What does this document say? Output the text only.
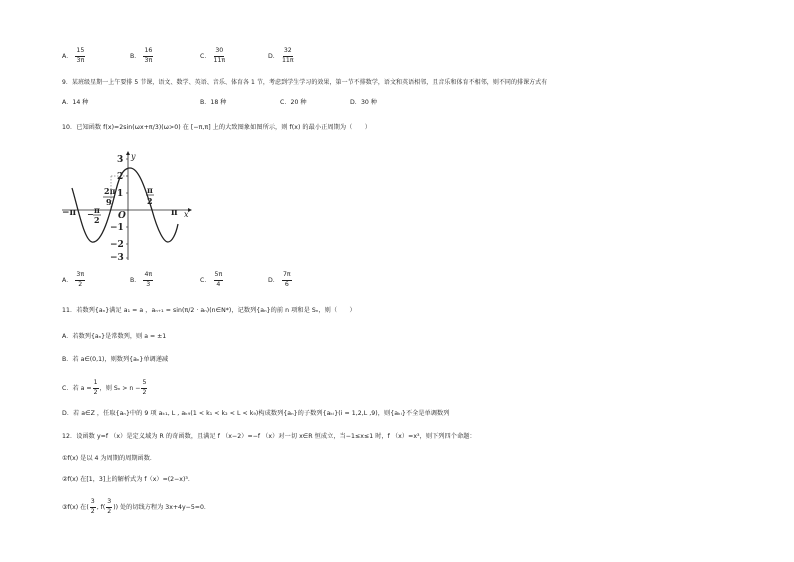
A． $\frac{15}{3\pi}$	B． $\frac{16}{3\pi}$	C． $\frac{30}{11\pi}$	D． $\frac{32}{11\pi}$
9．某班级星期一上午要排 5 节课，语文、数学、英语、音乐、体育各 1 节，考虑到学生学习的效果，第一节不排数学，语文和英语相邻，且音乐和体育不相邻，则不同的排课方式有
A．14 种	B．18 种	C．20 种	D．30 种
10．已知函数 f(x)=2sin(ωx+π/3)(ω>0) 在 [−π,π] 上的大致图象如图所示，则 f(x) 的最小正周期为（　　）
3
2
1
−1
−2
−3
y
x
O
−π	π
2π
9
− π
2
π
2
A． $\frac{3\pi}{2}$	B． $\frac{4\pi}{3}$	C． $\frac{5\pi}{4}$	D． $\frac{7\pi}{6}$
11．若数列{aₙ}满足 a₁ = a ，aₙ₊₁ = sin(π/2 · aₙ)(n∈N*)，记数列{aₙ}的前 n 项和是 Sₙ，则（　　）
A．若数列{aₙ}是常数列，则 a = ±1
B．若 a∈(0,1)，则数列{aₙ}单调递减
C．若 $a = \frac{1}{2}$ ，则 $S_n > n - \frac{5}{2}$
D．若 a∈Z ，任取{aₙ}中的 9 项 aₖ₁, L , aₖ₉(1 < k₁ < k₂ < L < k₉)构成数列{aₙ}的子数列{aₖᵢ}(i = 1,2,L ,9)，则{aₖᵢ}不全是单调数列
12．设函数 y=f （x）是定义域为 R 的奇函数，且满足 f （x−2）=−f （x）对一切 x∈R 恒成立，当−1≤x≤1 时，f （x）=x³，则下列四个命题：
①f(x) 是以 4 为周期的周期函数．
②f(x) 在[1，3]上的解析式为 f（x）=(2−x)³．
③f(x) 在( $\frac{3}{2}$ , $f( \frac{3}{2}$ )) 处的切线方程为 3x+4y−5=0．
